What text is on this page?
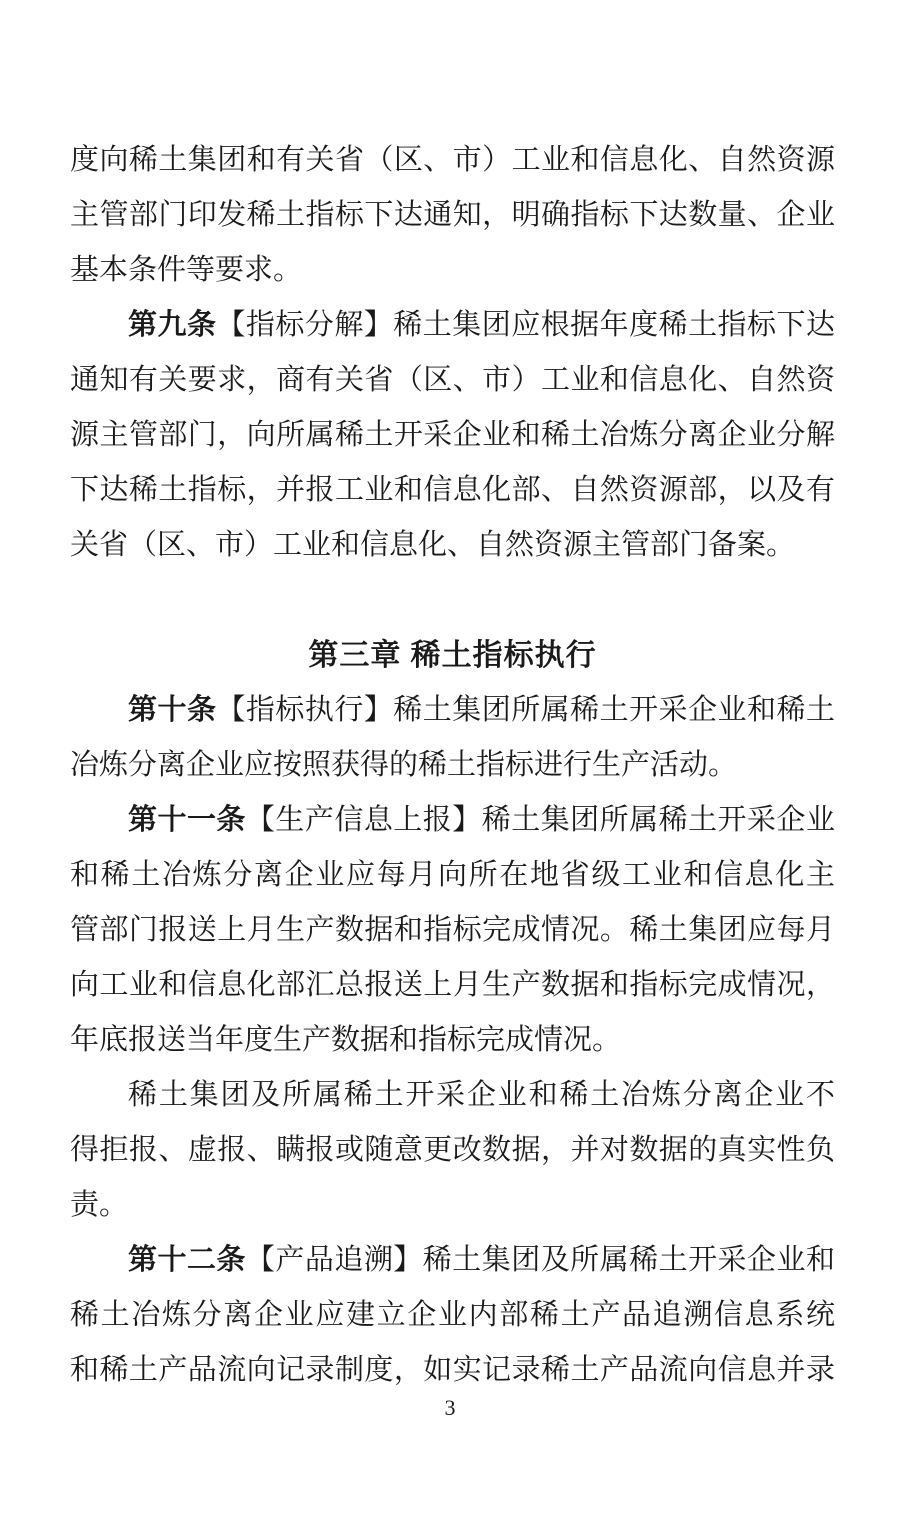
度向稀土集团和有关省（区、市）工业和信息化、自然资源

主管部门印发稀土指标下达通知，明确指标下达数量、企业

基本条件等要求。

第九条【指标分解】稀土集团应根据年度稀土指标下达

通知有关要求，商有关省（区、市）工业和信息化、自然资

源主管部门，向所属稀土开采企业和稀土冶炼分离企业分解

下达稀土指标，并报工业和信息化部、自然资源部，以及有

关省（区、市）工业和信息化、自然资源主管部门备案。

第三章 稀土指标执行

第十条【指标执行】稀土集团所属稀土开采企业和稀土

冶炼分离企业应按照获得的稀土指标进行生产活动。

第十一条【生产信息上报】稀土集团所属稀土开采企业

和稀土冶炼分离企业应每月向所在地省级工业和信息化主

管部门报送上月生产数据和指标完成情况。稀土集团应每月

向工业和信息化部汇总报送上月生产数据和指标完成情况，

年底报送当年度生产数据和指标完成情况。

稀土集团及所属稀土开采企业和稀土冶炼分离企业不

得拒报、虚报、瞒报或随意更改数据，并对数据的真实性负

责。

第十二条【产品追溯】稀土集团及所属稀土开采企业和

稀土冶炼分离企业应建立企业内部稀土产品追溯信息系统

和稀土产品流向记录制度，如实记录稀土产品流向信息并录

3
